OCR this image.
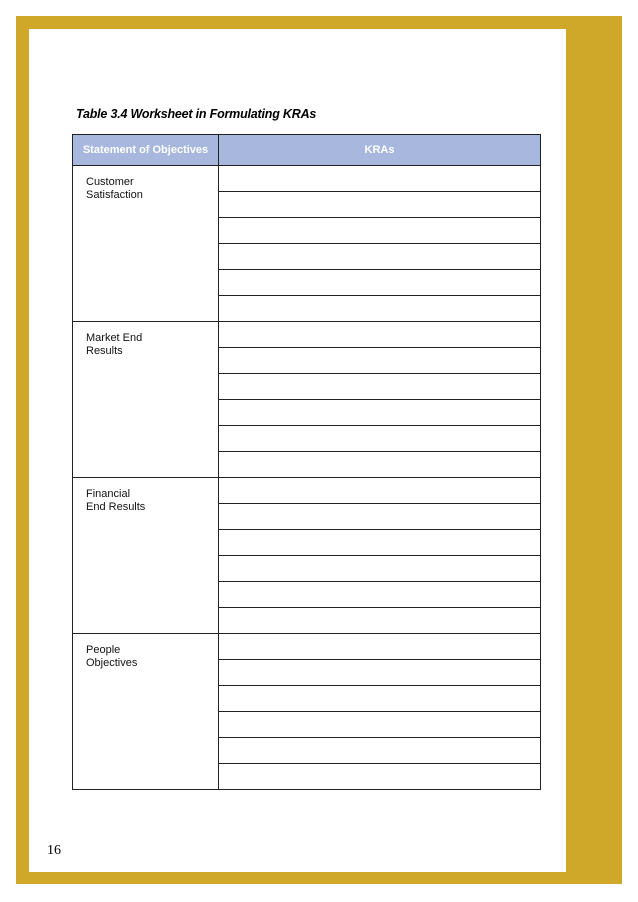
Table 3.4 Worksheet in Formulating KRAs
Statement of Objectives	KRAs
Customer
Satisfaction	

Market End
Results	

Financial
End Results	

People
Objectives	

16
